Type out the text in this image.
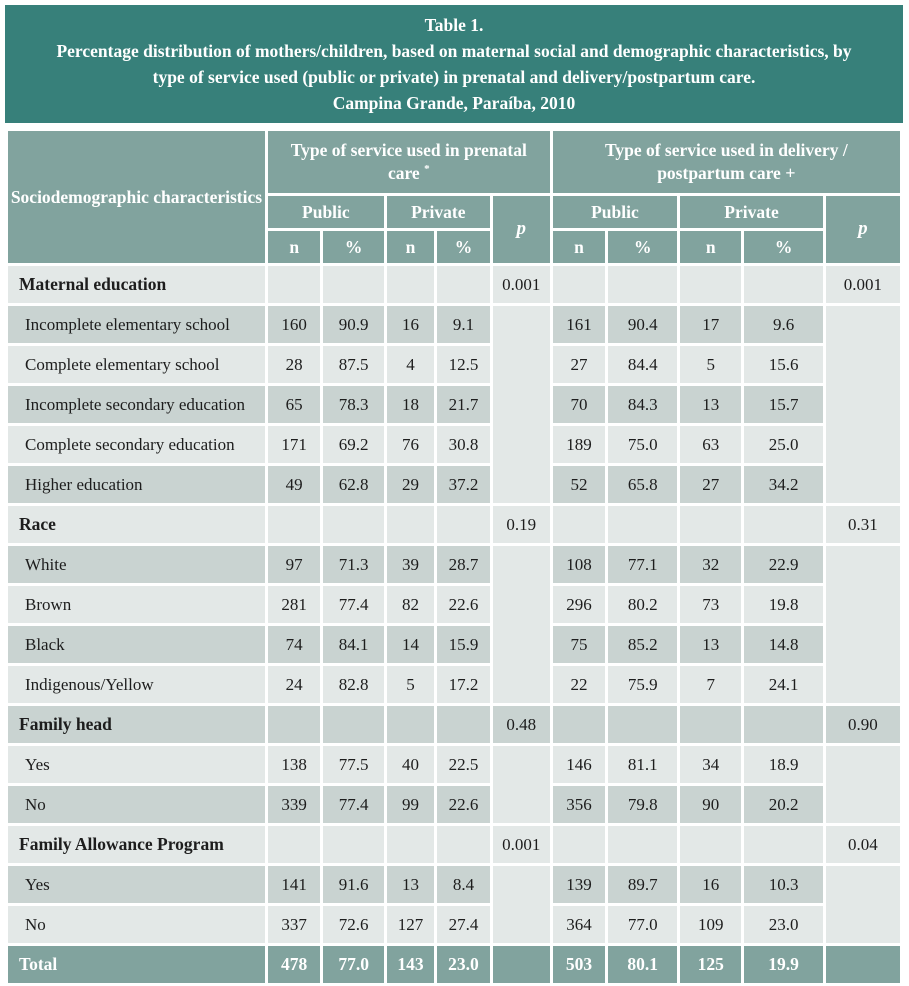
Table 1.
Percentage distribution of mothers/children, based on maternal social and demographic characteristics, by type of service used (public or private) in prenatal and delivery/postpartum care.
Campina Grande, Paraíba, 2010
Sociodemographic characteristics	Type of service used in prenatal care *					Type of service used in delivery / postpartum care +				
	Public		Private		p	Public		Private		p
	n	%	n	%		n	%	n	%	
Maternal education					0.001					0.001
Incomplete elementary school	160	90.9	16	9.1		161	90.4	17	9.6	
Complete elementary school	28	87.5	4	12.5		27	84.4	5	15.6	
Incomplete secondary education	65	78.3	18	21.7		70	84.3	13	15.7	
Complete secondary education	171	69.2	76	30.8		189	75.0	63	25.0	
Higher education	49	62.8	29	37.2		52	65.8	27	34.2	
Race					0.19					0.31
White	97	71.3	39	28.7		108	77.1	32	22.9	
Brown	281	77.4	82	22.6		296	80.2	73	19.8	
Black	74	84.1	14	15.9		75	85.2	13	14.8	
Indigenous/Yellow	24	82.8	5	17.2		22	75.9	7	24.1	
Family head					0.48					0.90
Yes	138	77.5	40	22.5		146	81.1	34	18.9	
No	339	77.4	99	22.6		356	79.8	90	20.2	
Family Allowance Program					0.001					0.04
Yes	141	91.6	13	8.4		139	89.7	16	10.3	
No	337	72.6	127	27.4		364	77.0	109	23.0	
Total	478	77.0	143	23.0		503	80.1	125	19.9	
